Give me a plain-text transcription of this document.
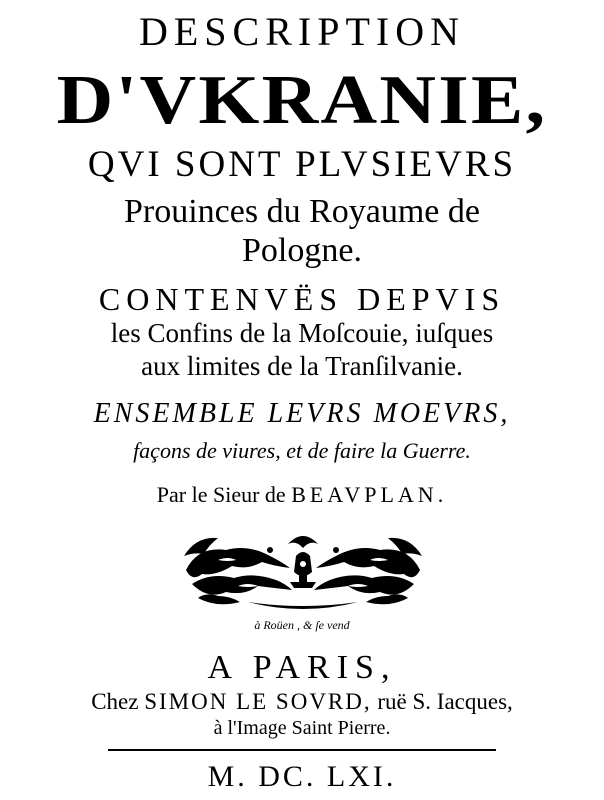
DESCRIPTION
D'VKRANIE,
QVI SONT PLVSIEVRS
Prouinces du Royaume de
Pologne.
CONTENVËS DEPVIS
les Confins de la Moſcouie, iuſques
aux limites de la Tranſilvanie.
ENSEMBLE LEVRS MOEVRS,
façons de viures, et de faire la Guerre.
Par le Sieur de BEAVPLAN.
à Roüen , & ſe vend
A PARIS,
Chez SIMON LE SOVRD, ruë S. Iacques,
à l'Image Saint Pierre.
M. DC. LXI.
